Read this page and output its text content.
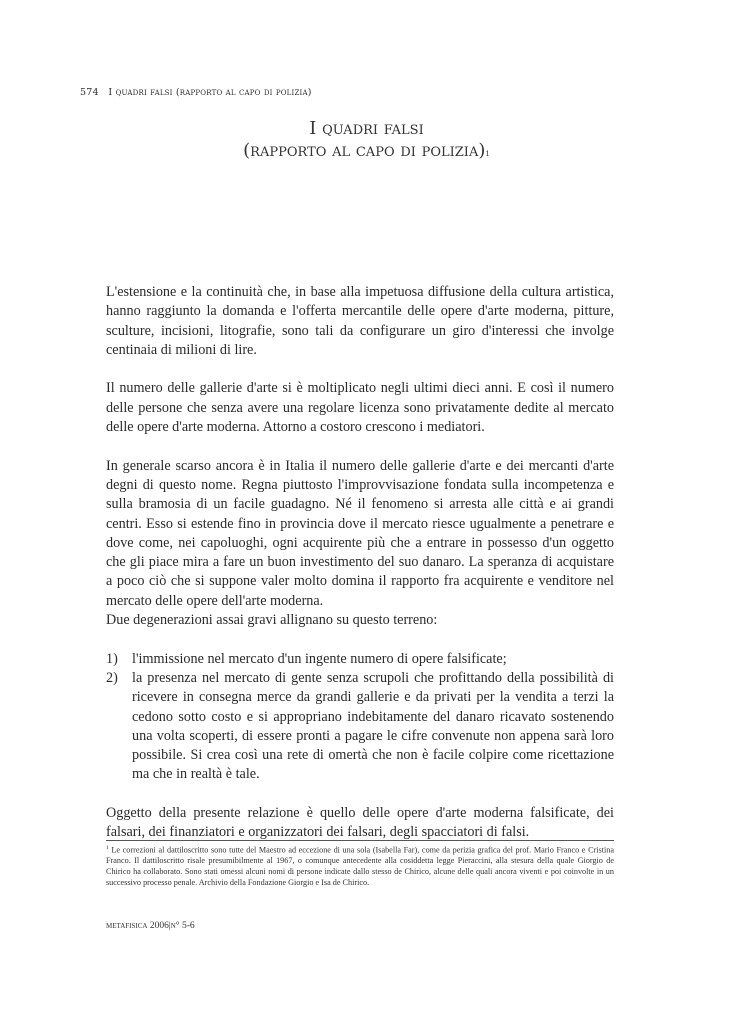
574 I quadri falsi (rapporto al capo di polizia)
I quadri falsi
(rapporto al capo di polizia)$^1$

L'estensione e la continuità che, in base alla impetuosa diffusione della cultura artistica, hanno raggiunto la domanda e l'offerta mercantile delle opere d'arte moderna, pitture, sculture, incisioni, litografie, sono tali da configurare un giro d'interessi che involge centinaia di milioni di lire.

Il numero delle gallerie d'arte si è moltiplicato negli ultimi dieci anni. E così il numero delle persone che senza avere una regolare licenza sono privatamente dedite al mercato delle opere d'arte moderna. Attorno a costoro crescono i mediatori.

In generale scarso ancora è in Italia il numero delle gallerie d'arte e dei mercanti d'arte degni di questo nome. Regna piuttosto l'improvvisazione fondata sulla incompetenza e sulla bramosia di un facile guadagno. Né il fenomeno si arresta alle città e ai grandi centri. Esso si estende fino in provincia dove il mercato riesce ugualmente a penetrare e dove come, nei capoluoghi, ogni acquirente più che a entrare in possesso d'un oggetto che gli piace mira a fare un buon investimento del suo danaro. La speranza di acquistare a poco ciò che si suppone valer molto domina il rapporto fra acquirente e venditore nel mercato delle opere dell'arte moderna.

Due degenerazioni assai gravi allignano su questo terreno:

1) l'immissione nel mercato d'un ingente numero di opere falsificate;
2) la presenza nel mercato di gente senza scrupoli che profittando della possibilità di ricevere in consegna merce da grandi gallerie e da privati per la vendita a terzi la cedono sotto costo e si appropriano indebitamente del danaro ricavato sostenendo una volta scoperti, di essere pronti a pagare le cifre convenute non appena sarà loro possibile. Si crea così una rete di omertà che non è facile colpire come ricettazione ma che in realtà è tale.

Oggetto della presente relazione è quello delle opere d'arte moderna falsificate, dei falsari, dei finanziatori e organizzatori dei falsari, degli spacciatori di falsi.

$^1$ Le correzioni al dattiloscritto sono tutte del Maestro ad eccezione di una sola (Isabella Far), come da perizia grafica del prof. Mario Franco e Cristina Franco. Il dattiloscritto risale presumibilmente al 1967, o comunque antecedente alla cosiddetta legge Pieraccini, alla stesura della quale Giorgio de Chirico ha collaborato. Sono stati omessi alcuni nomi di persone indicate dallo stesso de Chirico, alcune delle quali ancora viventi e poi coinvolte in un successivo processo penale. Archivio della Fondazione Giorgio e Isa de Chirico.
metafisica 2006|n° 5-6
